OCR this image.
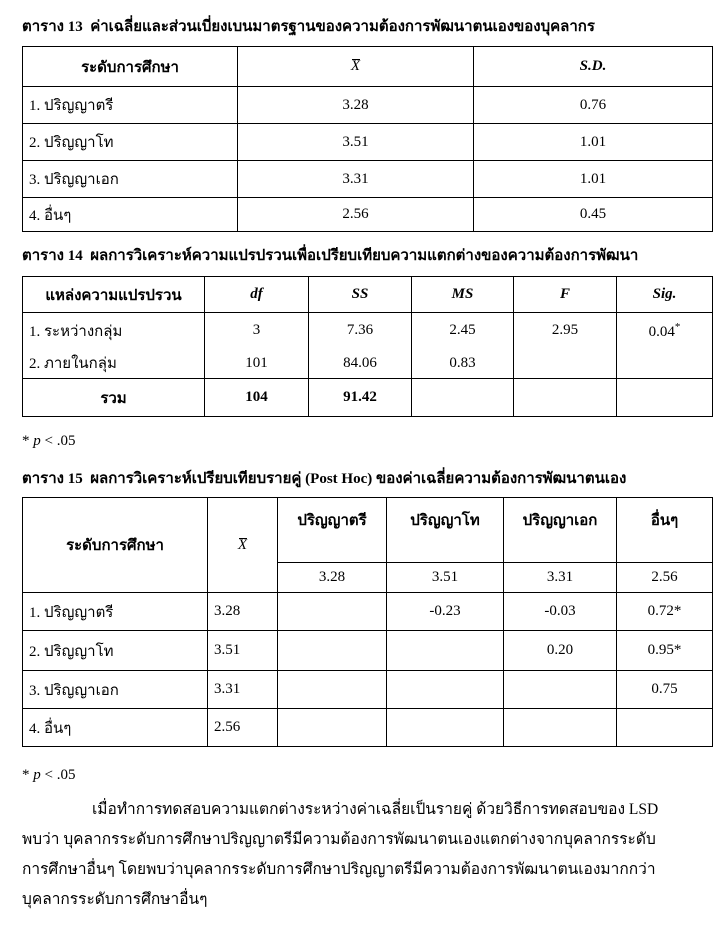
ตาราง 13 ค่าเฉลี่ยและส่วนเบี่ยงเบนมาตรฐานของความต้องการพัฒนาตนเองของบุคลากร
ระดับการศึกษา	X	S.D.
1. ปริญญาตรี	3.28	0.76
2. ปริญญาโท	3.51	1.01
3. ปริญญาเอก	3.31	1.01
4. อื่นๆ	2.56	0.45
ตาราง 14 ผลการวิเคราะห์ความแปรปรวนเพื่อเปรียบเทียบความแตกต่างของความต้องการพัฒนา
แหล่งความแปรปรวน	df	SS	MS	F	Sig.
1. ระหว่างกลุ่ม	3	7.36	2.45	2.95	0.04*
2. ภายในกลุ่ม	101	84.06	0.83		
รวม	104	91.42			
* p < .05
ตาราง 15 ผลการวิเคราะห์เปรียบเทียบรายคู่ (Post Hoc) ของค่าเฉลี่ยความต้องการพัฒนาตนเอง
ระดับการศึกษา	X	ปริญญาตรี	ปริญญาโท	ปริญญาเอก	อื่นๆ
		3.28	3.51	3.31	2.56
1. ปริญญาตรี	3.28		-0.23	-0.03	0.72*
2. ปริญญาโท	3.51			0.20	0.95*
3. ปริญญาเอก	3.31				0.75
4. อื่นๆ	2.56				
* p < .05
เมื่อทำการทดสอบความแตกต่างระหว่างค่าเฉลี่ยเป็นรายคู่ ด้วยวิธีการทดสอบของ LSD
พบว่า บุคลากรระดับการศึกษาปริญญาตรีมีความต้องการพัฒนาตนเองแตกต่างจากบุคลากรระดับ
การศึกษาอื่นๆ โดยพบว่าบุคลากรระดับการศึกษาปริญญาตรีมีความต้องการพัฒนาตนเองมากกว่า
บุคลากรระดับการศึกษาอื่นๆ
